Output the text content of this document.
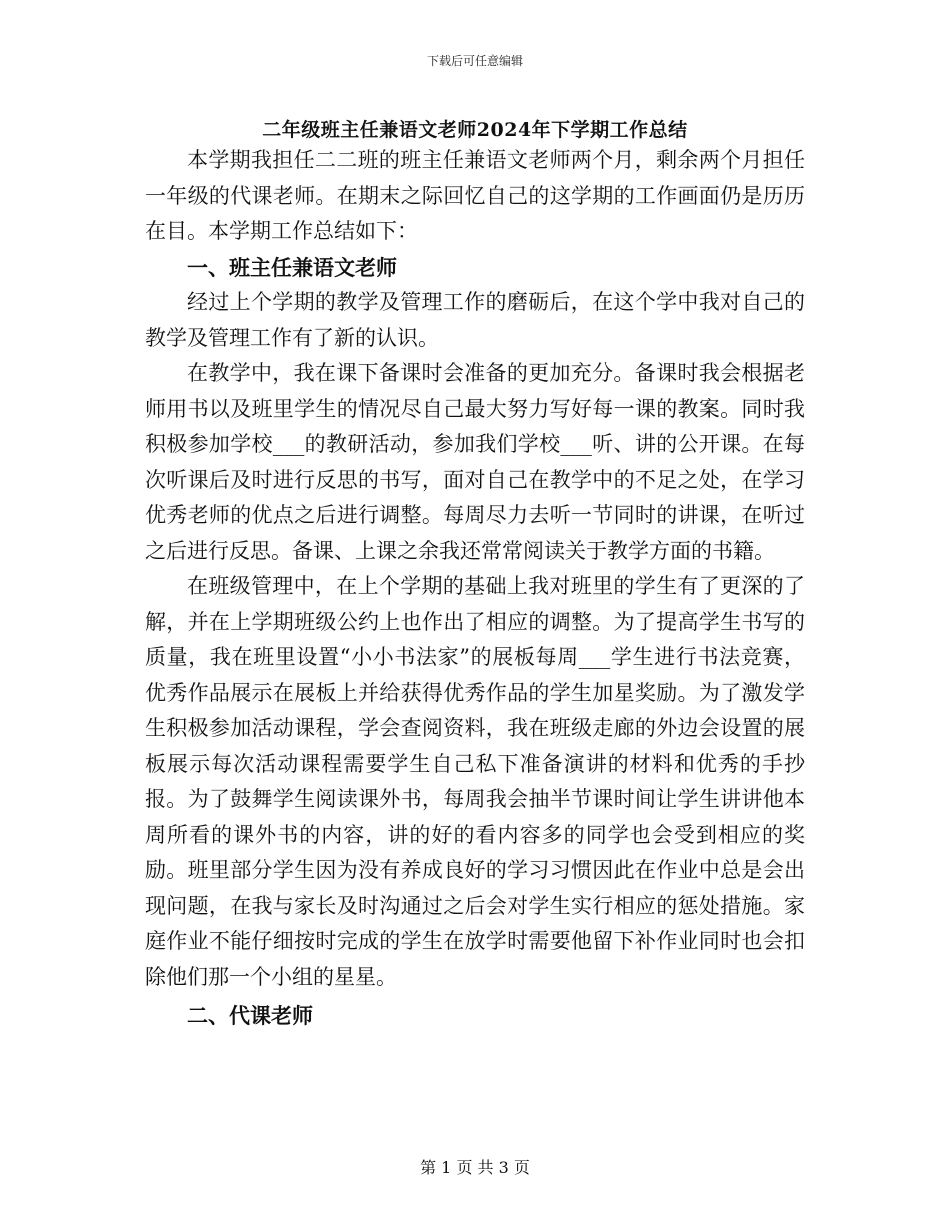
下载后可任意编辑
二年级班主任兼语文老师2024年下学期工作总结

本学期我担任二二班的班主任兼语文老师两个月，剩余两个月担任一年级的代课老师。在期末之际回忆自己的这学期的工作画面仍是历历在目。本学期工作总结如下：

一、班主任兼语文老师

经过上个学期的教学及管理工作的磨砺后，在这个学中我对自己的教学及管理工作有了新的认识。

在教学中，我在课下备课时会准备的更加充分。备课时我会根据老师用书以及班里学生的情况尽自己最大努力写好每一课的教案。同时我积极参加学校___的教研活动，参加我们学校___听、讲的公开课。在每次听课后及时进行反思的书写，面对自己在教学中的不足之处，在学习优秀老师的优点之后进行调整。每周尽力去听一节同时的讲课，在听过之后进行反思。备课、上课之余我还常常阅读关于教学方面的书籍。

在班级管理中，在上个学期的基础上我对班里的学生有了更深的了解，并在上学期班级公约上也作出了相应的调整。为了提高学生书写的质量，我在班里设置“小小书法家”的展板每周___学生进行书法竞赛，优秀作品展示在展板上并给获得优秀作品的学生加星奖励。为了激发学生积极参加活动课程，学会查阅资料，我在班级走廊的外边会设置的展板展示每次活动课程需要学生自己私下准备演讲的材料和优秀的手抄报。为了鼓舞学生阅读课外书，每周我会抽半节课时间让学生讲讲他本周所看的课外书的内容，讲的好的看内容多的同学也会受到相应的奖励。班里部分学生因为没有养成良好的学习习惯因此在作业中总是会出现问题，在我与家长及时沟通过之后会对学生实行相应的惩处措施。家庭作业不能仔细按时完成的学生在放学时需要他留下补作业同时也会扣除他们那一个小组的星星。

二、代课老师

第 1 页 共 3 页
